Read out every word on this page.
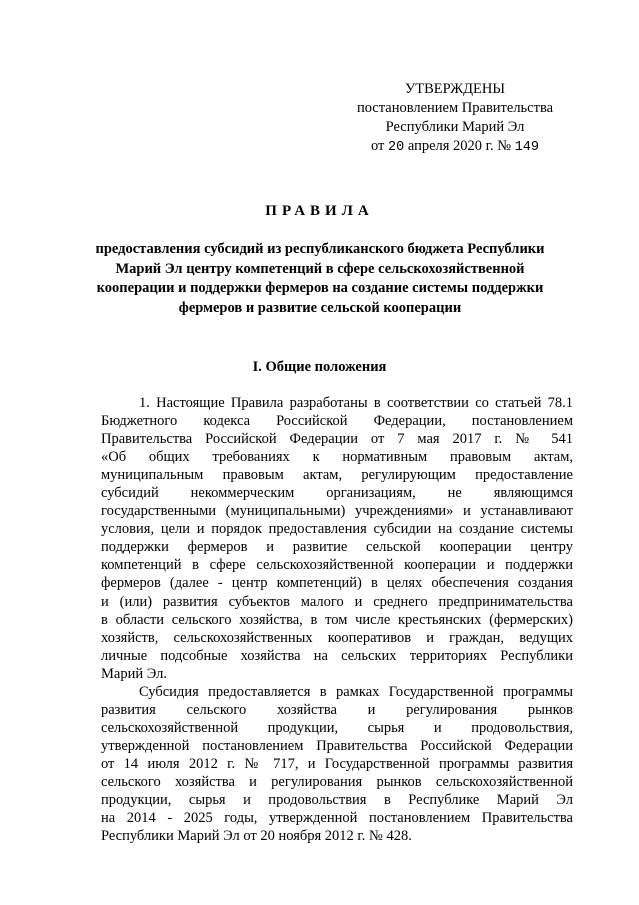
УТВЕРЖДЕНЫ
постановлением Правительства
Республики Марий Эл
от 20 апреля 2020 г. № 149
ПРАВИЛА
предоставления субсидий из республиканского бюджета Республики
Марий Эл центру компетенций в сфере сельскохозяйственной
кооперации и поддержки фермеров на создание системы поддержки
фермеров и развитие сельской кооперации
I. Общие положения
1. Настоящие Правила разработаны в соответствии со статьей 78.1
Бюджетного кодекса Российской Федерации, постановлением
Правительства Российской Федерации от 7 мая 2017 г. № 541
«Об общих требованиях к нормативным правовым актам,
муниципальным правовым актам, регулирующим предоставление
субсидий некоммерческим организациям, не являющимся
государственными (муниципальными) учреждениями» и устанавливают
условия, цели и порядок предоставления субсидии на создание системы
поддержки фермеров и развитие сельской кооперации центру
компетенций в сфере сельскохозяйственной кооперации и поддержки
фермеров (далее - центр компетенций) в целях обеспечения создания
и (или) развития субъектов малого и среднего предпринимательства
в области сельского хозяйства, в том числе крестьянских (фермерских)
хозяйств, сельскохозяйственных кооперативов и граждан, ведущих
личные подсобные хозяйства на сельских территориях Республики
Марий Эл.
Субсидия предоставляется в рамках Государственной программы
развития сельского хозяйства и регулирования рынков
сельскохозяйственной продукции, сырья и продовольствия,
утвержденной постановлением Правительства Российской Федерации
от 14 июля 2012 г. № 717, и Государственной программы развития
сельского хозяйства и регулирования рынков сельскохозяйственной
продукции, сырья и продовольствия в Республике Марий Эл
на 2014 - 2025 годы, утвержденной постановлением Правительства
Республики Марий Эл от 20 ноября 2012 г. № 428.
